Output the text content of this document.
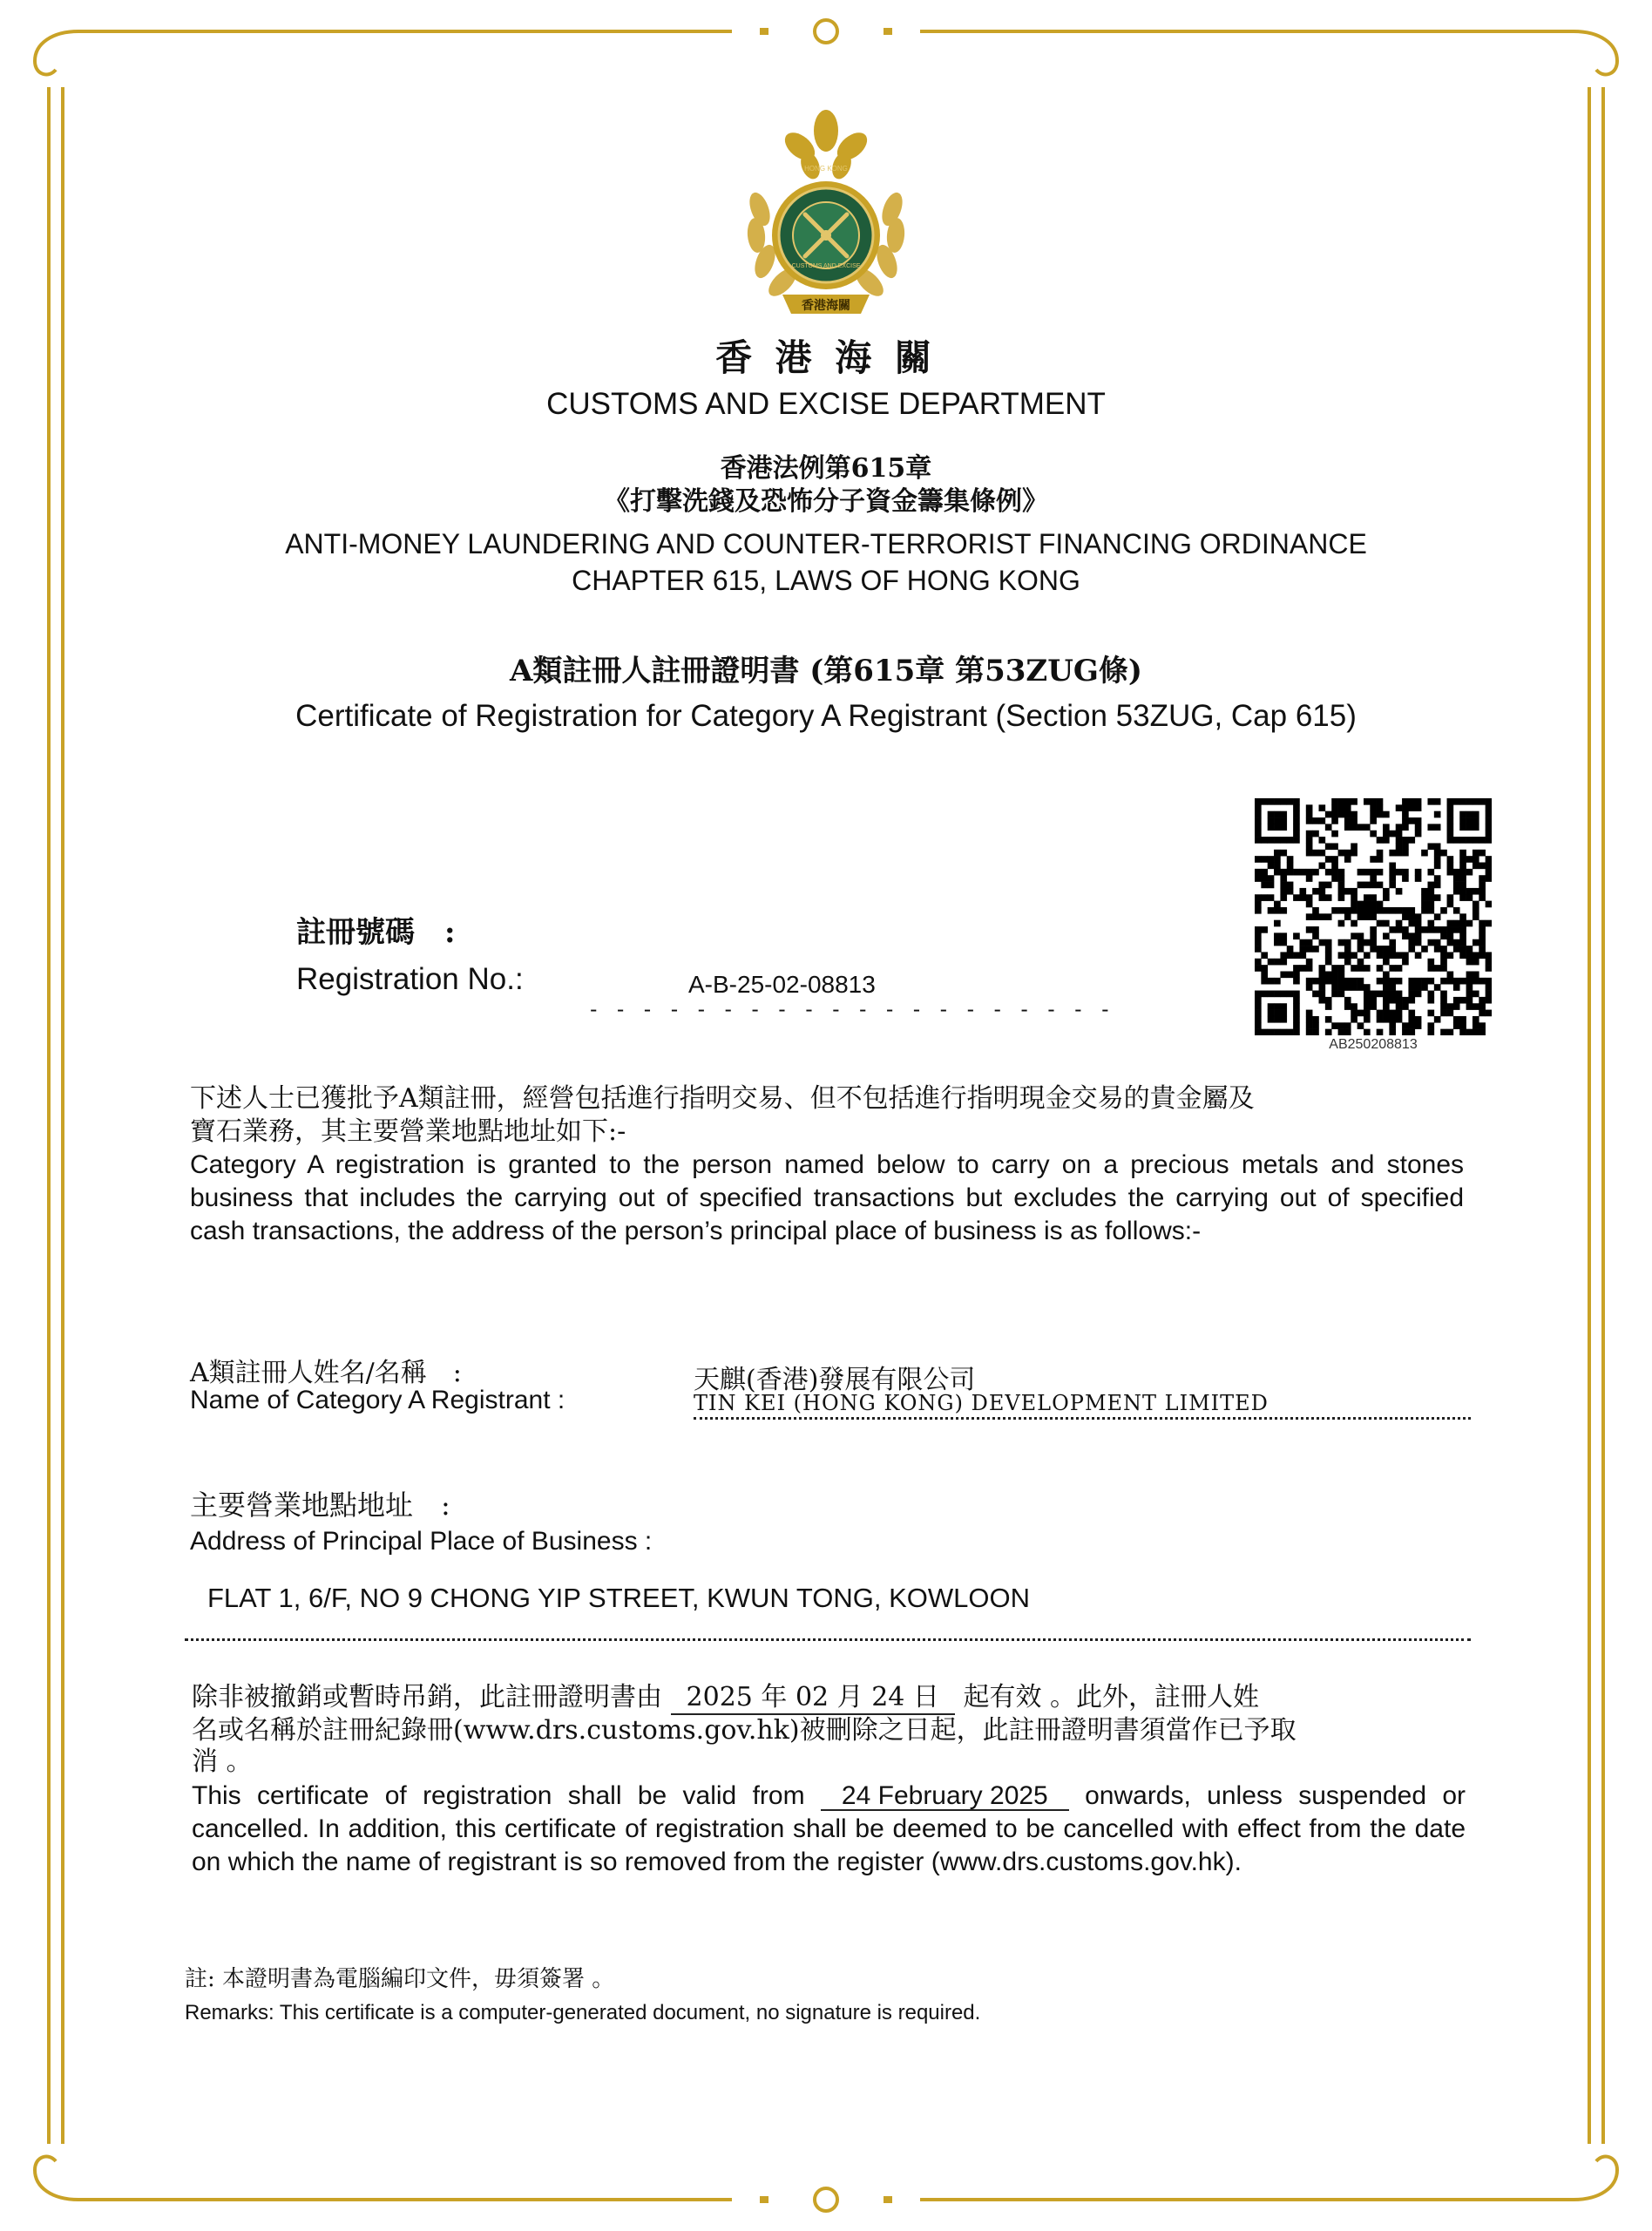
HONG KONG
CUSTOMS AND EXCISE
香港海關
香 港 海 關
CUSTOMS AND EXCISE DEPARTMENT
香港法例第615章
《打擊洗錢及恐怖分子資金籌集條例》
ANTI-MONEY LAUNDERING AND COUNTER-TERRORIST FINANCING ORDINANCE
CHAPTER 615, LAWS OF HONG KONG
A類註冊人註冊證明書 (第615章 第53ZUG條)
Certificate of Registration for Category A Registrant (Section 53ZUG, Cap 615)
AB250208813
註冊號碼　:
Registration No.:	A-B-25-02-08813
- - - - - - - - - - - - - - - - - - - -
下述人士已獲批予A類註冊，經營包括進行指明交易、但不包括進行指明現金交易的貴金屬及
寶石業務，其主要營業地點地址如下:-
Category A registration is granted to the person named below to carry on a precious metals and stones business that includes the carrying out of specified transactions but excludes the carrying out of specified cash transactions, the address of the person’s principal place of business is as follows:-
A類註冊人姓名/名稱　:
Name of Category A Registrant :
天麒(香港)發展有限公司
TIN KEI (HONG KONG) DEVELOPMENT LIMITED
主要營業地點地址　:
Address of Principal Place of Business :
FLAT 1, 6/F, NO 9 CHONG YIP STREET, KWUN TONG, KOWLOON
除非被撤銷或暫時吊銷，此註冊證明書由 2025 年 02 月 24 日 起有效 。此外，註冊人姓
名或名稱於註冊紀錄冊(www.drs.customs.gov.hk)被刪除之日起，此註冊證明書須當作已予取
消 。
This certificate of registration shall be valid from 24 February 2025 onwards, unless suspended or cancelled. In addition, this certificate of registration shall be deemed to be cancelled with effect from the date on which the name of registrant is so removed from the register (www.drs.customs.gov.hk).
註: 本證明書為電腦編印文件，毋須簽署 。
Remarks: This certificate is a computer-generated document, no signature is required.
